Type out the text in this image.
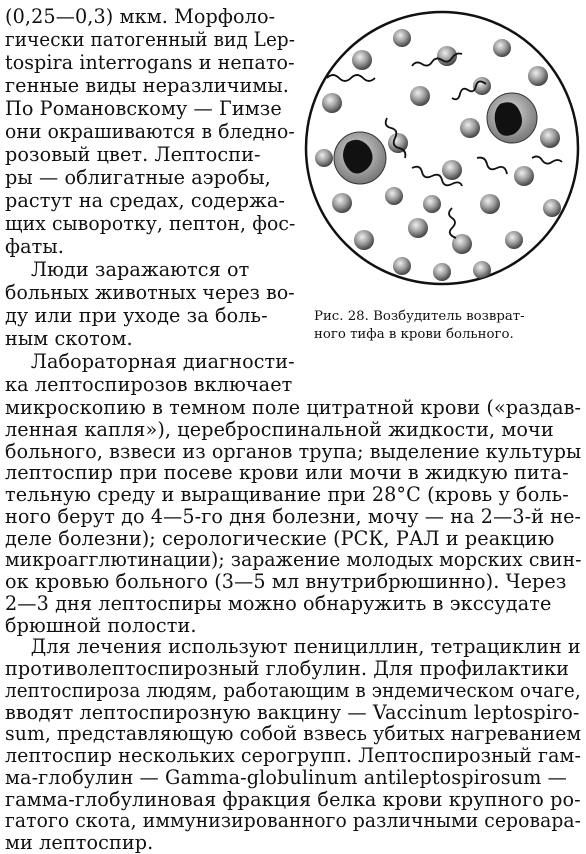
(0,25—0,3) мкм. Морфоло-
гически патогенный вид Lep-
tospira interrogans и непато-
генные виды неразличимы.
По Романовскому — Гимзе
они окрашиваются в бледно-
розовый цвет. Лептоспи-
ры — облигатные аэробы,
растут на средах, содержа-
щих сыворотку, пептон, фос-
фаты.
Люди заражаются от
больных животных через во-
ду или при уходе за боль-
ным скотом.
Лабораторная диагности-
ка лептоспирозов включает
Рис. 28. Возбудитель возврат-
ного тифа в крови больного.
микроскопию в темном поле цитратной крови («раздав-
ленная капля»), цереброспинальной жидкости, мочи
больного, взвеси из органов трупа; выделение культуры
лептоспир при посеве крови или мочи в жидкую пита-
тельную среду и выращивание при 28°С (кровь у боль-
ного берут до 4—5-го дня болезни, мочу — на 2—3-й не-
деле болезни); серологические (РСК, РАЛ и реакцию
микроагглютинации); заражение молодых морских свин-
ок кровью больного (3—5 мл внутрибрюшинно). Через
2—3 дня лептоспиры можно обнаружить в экссудате
брюшной полости.
Для лечения используют пенициллин, тетрациклин и
противолептоспирозный глобулин. Для профилактики
лептоспироза людям, работающим в эндемическом очаге,
вводят лептоспирозную вакцину — Vaccinum leptospiro-
sum, представляющую собой взвесь убитых нагреванием
лептоспир нескольких серогрупп. Лептоспирозный гам-
ма-глобулин — Gamma-globulinum antileptospirosum —
гамма-глобулиновая фракция белка крови крупного ро-
гатого скота, иммунизированного различными серовара-
ми лептоспир.
